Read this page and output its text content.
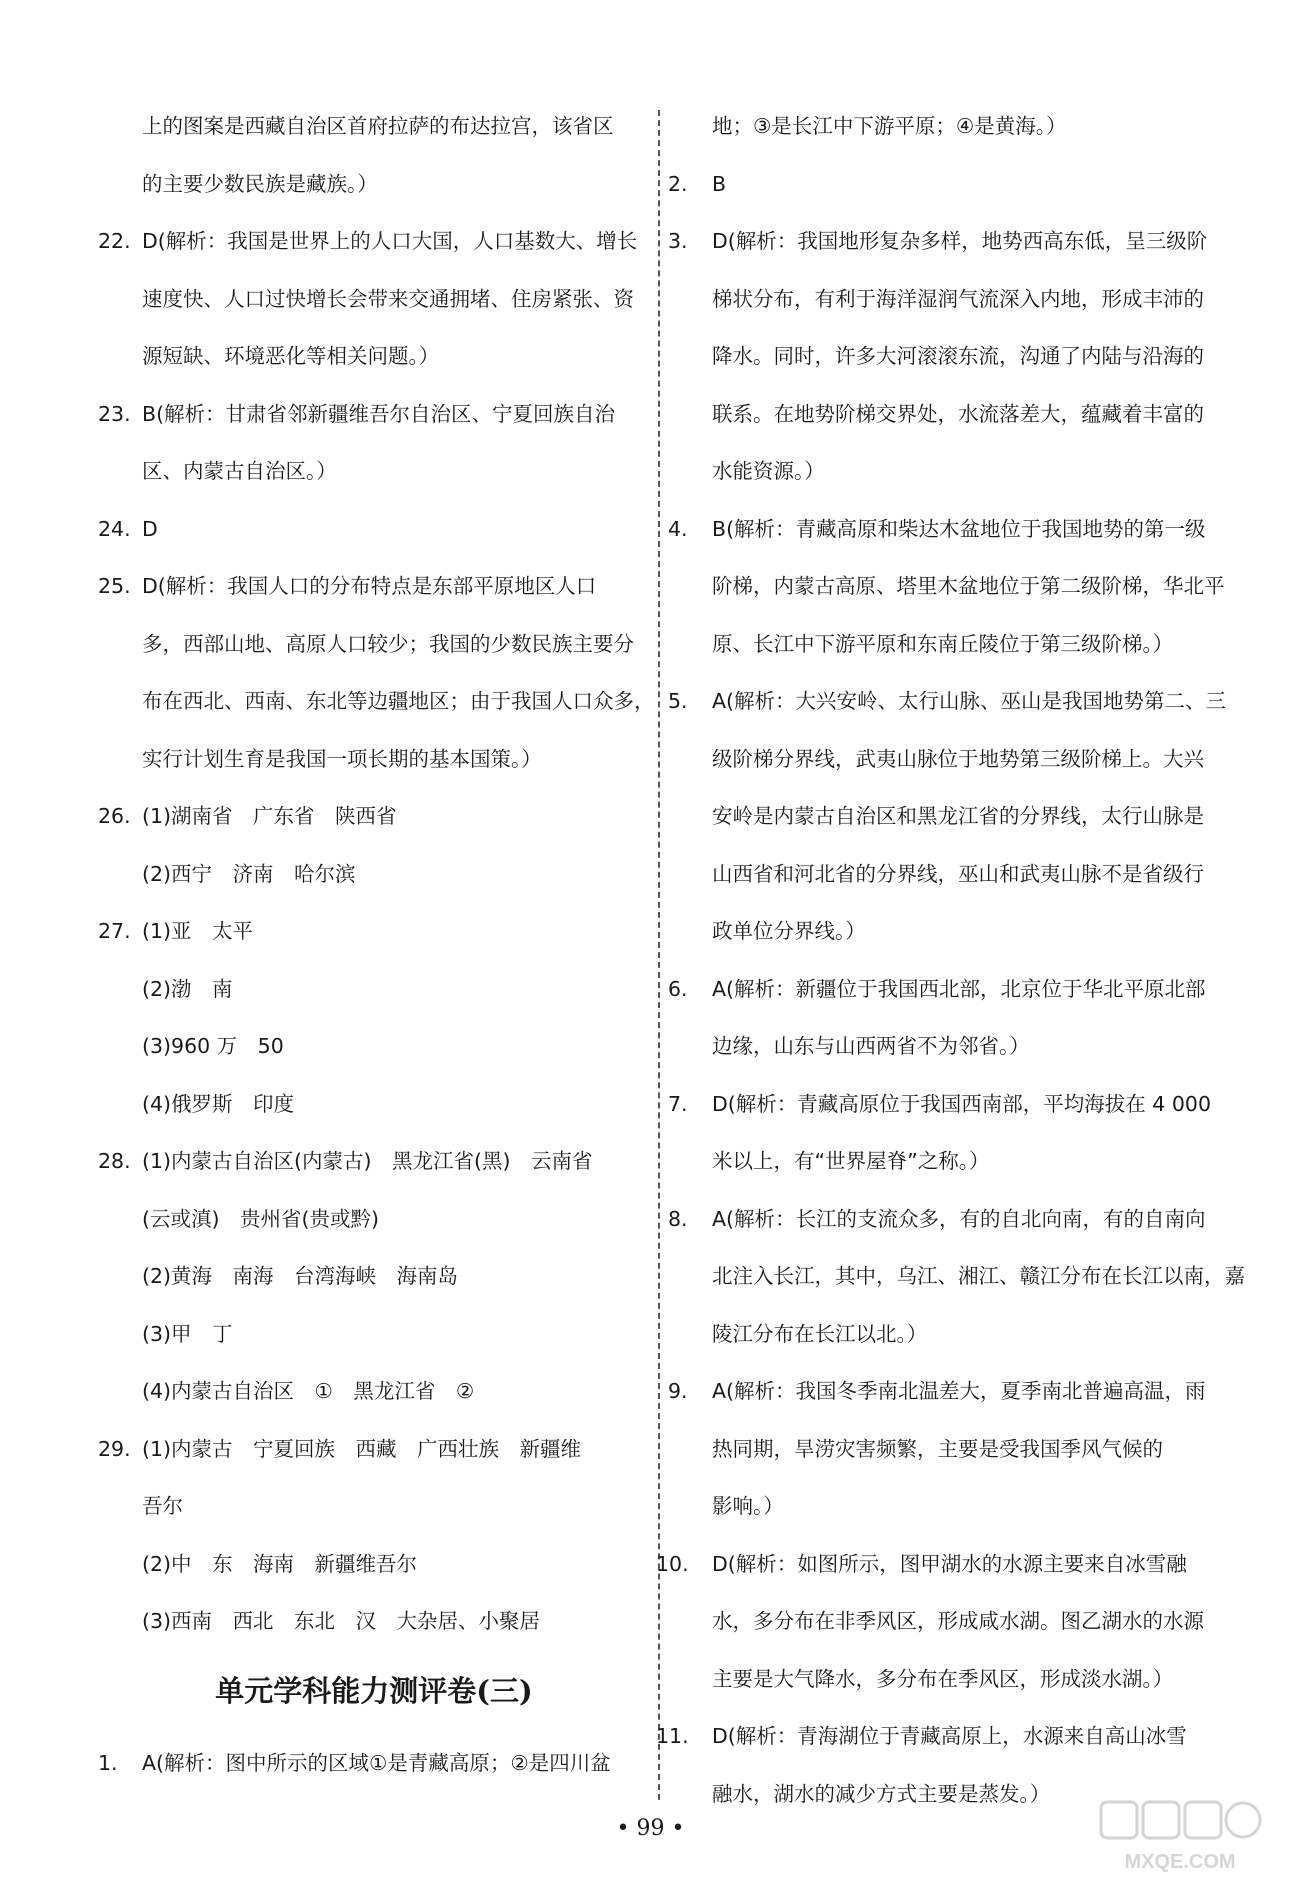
上的图案是西藏自治区首府拉萨的布达拉宫，该省区
的主要少数民族是藏族。）
22. D(解析：我国是世界上的人口大国，人口基数大、增长
速度快、人口过快增长会带来交通拥堵、住房紧张、资
源短缺、环境恶化等相关问题。）
23. B(解析：甘肃省邻新疆维吾尔自治区、宁夏回族自治
区、内蒙古自治区。）
24. D
25. D(解析：我国人口的分布特点是东部平原地区人口
多，西部山地、高原人口较少；我国的少数民族主要分
布在西北、西南、东北等边疆地区；由于我国人口众多，
实行计划生育是我国一项长期的基本国策。）
26. (1)湖南省　广东省　陕西省
(2)西宁　济南　哈尔滨
27. (1)亚　太平
(2)渤　南
(3)960 万　50
(4)俄罗斯　印度
28. (1)内蒙古自治区(内蒙古)　黑龙江省(黑)　云南省
(云或滇)　贵州省(贵或黔)
(2)黄海　南海　台湾海峡　海南岛
(3)甲　丁
(4)内蒙古自治区　①　黑龙江省　②
29. (1)内蒙古　宁夏回族　西藏　广西壮族　新疆维
吾尔
(2)中　东　海南　新疆维吾尔
(3)西南　西北　东北　汉　大杂居、小聚居
单元学科能力测评卷(三)
1. A(解析：图中所示的区域①是青藏高原；②是四川盆
地；③是长江中下游平原；④是黄海。）
2. B
3. D(解析：我国地形复杂多样，地势西高东低，呈三级阶
梯状分布，有利于海洋湿润气流深入内地，形成丰沛的
降水。同时，许多大河滚滚东流，沟通了内陆与沿海的
联系。在地势阶梯交界处，水流落差大，蕴藏着丰富的
水能资源。）
4. B(解析：青藏高原和柴达木盆地位于我国地势的第一级
阶梯，内蒙古高原、塔里木盆地位于第二级阶梯，华北平
原、长江中下游平原和东南丘陵位于第三级阶梯。）
5. A(解析：大兴安岭、太行山脉、巫山是我国地势第二、三
级阶梯分界线，武夷山脉位于地势第三级阶梯上。大兴
安岭是内蒙古自治区和黑龙江省的分界线，太行山脉是
山西省和河北省的分界线，巫山和武夷山脉不是省级行
政单位分界线。）
6. A(解析：新疆位于我国西北部，北京位于华北平原北部
边缘，山东与山西两省不为邻省。）
7. D(解析：青藏高原位于我国西南部，平均海拔在 4 000
米以上，有“世界屋脊”之称。）
8. A(解析：长江的支流众多，有的自北向南，有的自南向
北注入长江，其中，乌江、湘江、赣江分布在长江以南，嘉
陵江分布在长江以北。）
9. A(解析：我国冬季南北温差大，夏季南北普遍高温，雨
热同期，旱涝灾害频繁，主要是受我国季风气候的
影响。）
10. D(解析：如图所示，图甲湖水的水源主要来自冰雪融
水，多分布在非季风区，形成咸水湖。图乙湖水的水源
主要是大气降水，多分布在季风区，形成淡水湖。）
11. D(解析：青海湖位于青藏高原上，水源来自高山冰雪
融水，湖水的减少方式主要是蒸发。）
• 99 •
MXQE.COM
